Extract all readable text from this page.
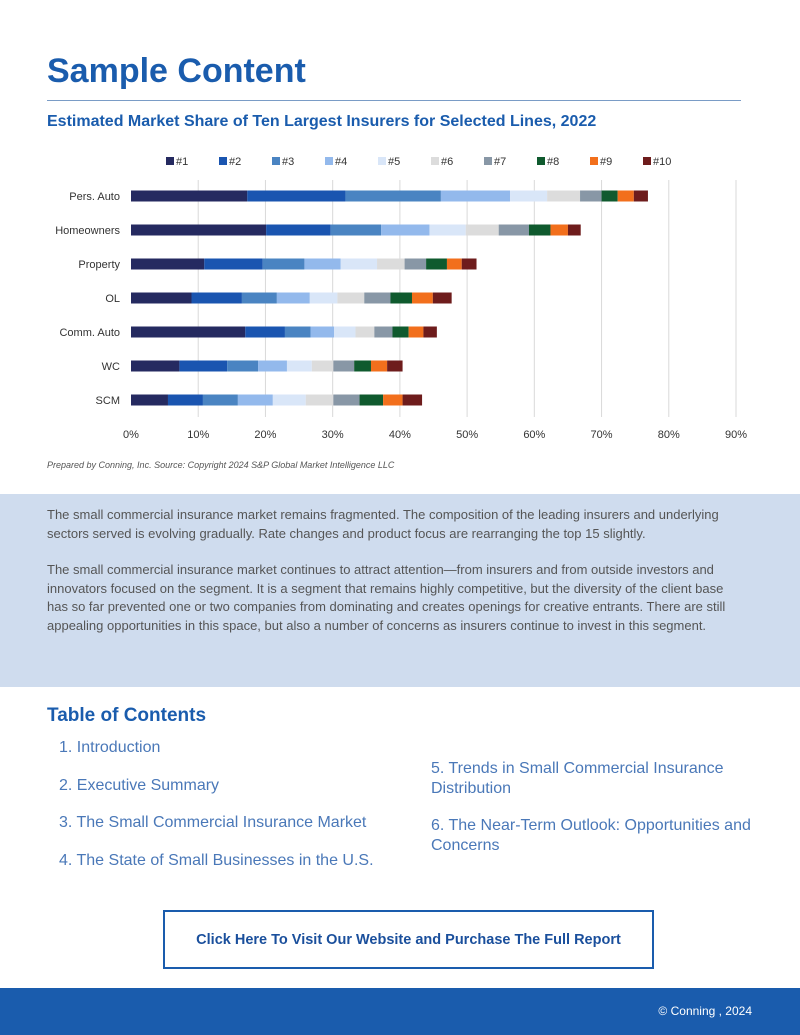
Sample Content
Estimated Market Share of Ten Largest Insurers for Selected Lines, 2022
0%	10%	20%	30%	40%	50%	60%	70%	80%	90%
#1	#2	#3	#4	#5	#6	#7	#8	#9	#10
Pers. Auto
Homeowners
Property
OL
Comm. Auto
WC
SCM
Prepared by Conning, Inc. Source: Copyright 2024 S&P Global Market Intelligence LLC

The small commercial insurance market remains fragmented. The composition of the leading insurers and underlying sectors served is evolving gradually. Rate changes and product focus are rearranging the top 15 slightly.

The small commercial insurance market continues to attract attention—from insurers and from outside investors and innovators focused on the segment. It is a segment that remains highly competitive, but the diversity of the client base has so far prevented one or two companies from dominating and creates openings for creative entrants. There are still appealing opportunities in this space, but also a number of concerns as insurers continue to invest in this segment.

Table of Contents
1. Introduction
2. Executive Summary
3. The Small Commercial Insurance Market
4. The State of Small Businesses in the U.S.
5. Trends in Small Commercial Insurance Distribution
6. The Near-Term Outlook: Opportunities and Concerns
Click Here To Visit Our Website and Purchase The Full Report
© Conning , 2024
